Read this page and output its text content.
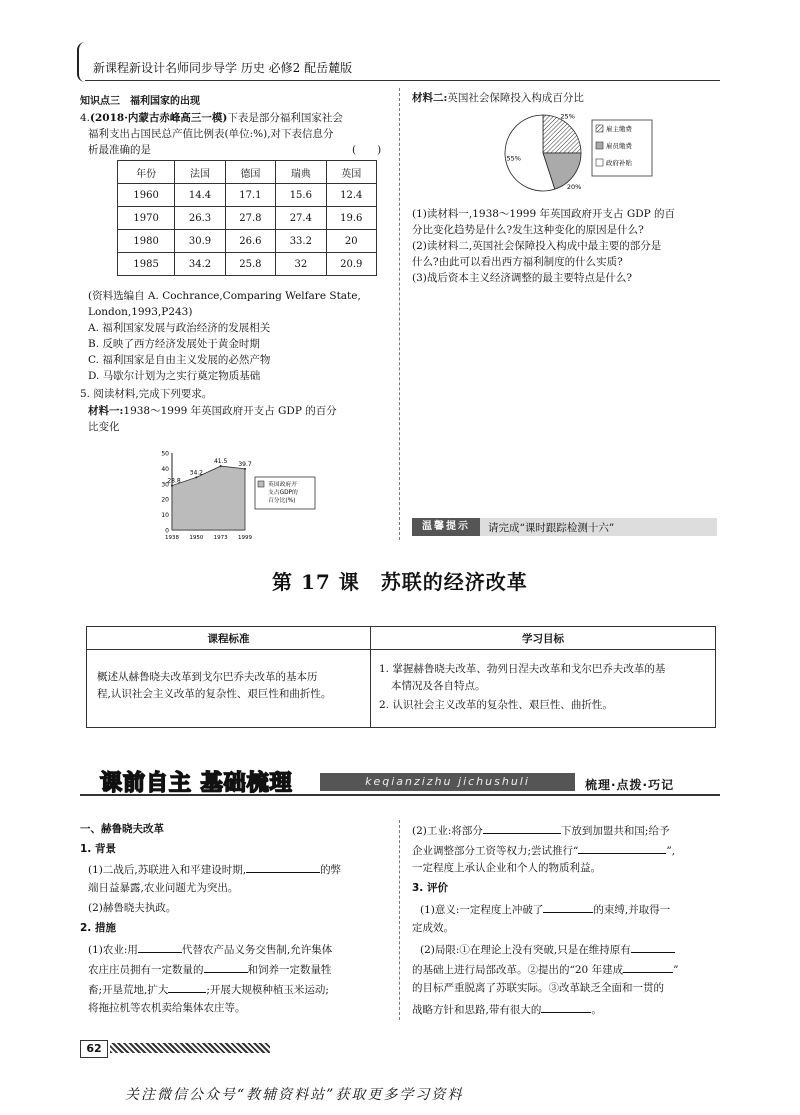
新课程新设计名师同步导学 历史 必修2 配岳麓版
知识点三　福利国家的出现
4.(2018·内蒙古赤峰高三一模)下表是部分福利国家社会
福利支出占国民总产值比例表(单位:%),对下表信息分
析最准确的是	(　　)
年份	法国	德国	瑞典	英国
1960	14.4	17.1	15.6	12.4
1970	26.3	27.8	27.4	19.6
1980	30.9	26.6	33.2	20
1985	34.2	25.8	32	20.9
(资料选编自 A. Cochrance,Comparing Welfare State,
London,1993,P243)
A. 福利国家发展与政治经济的发展相关
B. 反映了西方经济发展处于黄金时期
C. 福利国家是自由主义发展的必然产物
D. 马歇尔计划为之实行奠定物质基础
5. 阅读材料,完成下列要求。
材料一:1938～1999 年英国政府开支占 GDP 的百分
比变化
0
10
20
30
40
50
28.8
34.2
41.5 39.7
1938 1950 1973 1999
英国政府开
支占GDP的
百分比(%)
材料二:英国社会保障投入构成百分比
25%
20%
55%
雇主缴费
雇员缴费
政府补贴
(1)读材料一,1938～1999 年英国政府开支占 GDP 的百
分比变化趋势是什么?发生这种变化的原因是什么?
(2)读材料二,英国社会保障投入构成中最主要的部分是
什么?由此可以看出西方福利制度的什么实质?
(3)战后资本主义经济调整的最主要特点是什么?
温馨提示	请完成“课时跟踪检测十六”
第 17 课　苏联的经济改革
课程标准	学习目标
概述从赫鲁晓夫改革到戈尔巴乔夫改革的基本历
程,认识社会主义改革的复杂性、艰巨性和曲折性。
1. 掌握赫鲁晓夫改革、勃列日涅夫改革和戈尔巴乔夫改革的基
本情况及各自特点。
2. 认识社会主义改革的复杂性、艰巨性、曲折性。
课前自主 基础梳理	keqianzizhu jichushuli	梳理·点拨·巧记
一、赫鲁晓夫改革
1. 背景
(1)二战后,苏联进入和平建设时期,	的弊
端日益暴露,农业问题尤为突出。
(2)赫鲁晓夫执政。
2. 措施
(1)农业:用	代替农产品义务交售制,允许集体
农庄庄员拥有一定数量的	和饲养一定数量牲
畜;开垦荒地,扩大	;开展大规模种植玉米运动;
将拖拉机等农机卖给集体农庄等。
(2)工业:将部分	下放到加盟共和国;给予
企业调整部分工资等权力;尝试推行“	”,
一定程度上承认企业和个人的物质利益。
3. 评价
(1)意义:一定程度上冲破了	的束缚,并取得一
定成效。
(2)局限:①在理论上没有突破,只是在维持原有
的基础上进行局部改革。②提出的“20 年建成	”
的目标严重脱离了苏联实际。③改革缺乏全面和一贯的
战略方针和思路,带有很大的	。
62
关注微信公众号“教辅资料站”获取更多学习资料
